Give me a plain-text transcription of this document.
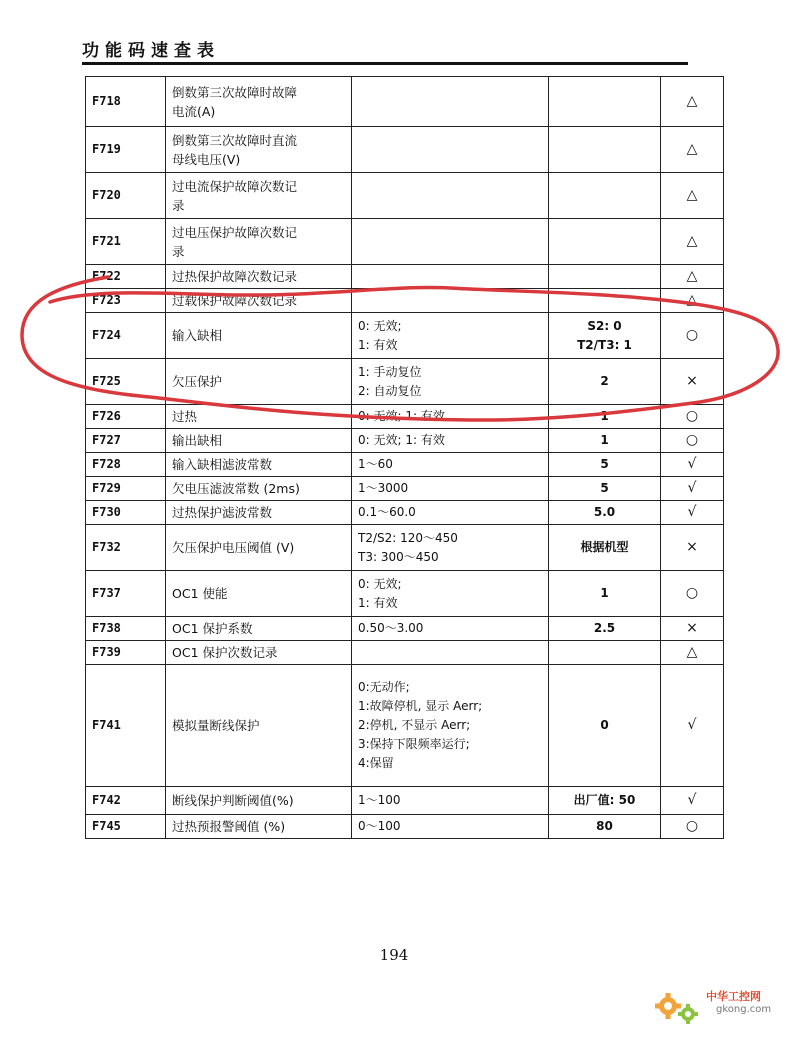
功能码速查表
F718	倒数第三次故障时故障
电流(A)			△
F719	倒数第三次故障时直流
母线电压(V)			△
F720	过电流保护故障次数记
录			△
F721	过电压保护故障次数记
录			△
F722	过热保护故障次数记录			△
F723	过载保护故障次数记录			△
F724	输入缺相	0: 无效;
1: 有效	S2: 0
T2/T3: 1	○
F725	欠压保护	1: 手动复位
2: 自动复位	2	×
F726	过热	0: 无效; 1: 有效	1	○
F727	输出缺相	0: 无效; 1: 有效	1	○
F728	输入缺相滤波常数	1～60	5	√
F729	欠电压滤波常数 (2ms)	1～3000	5	√
F730	过热保护滤波常数	0.1～60.0	5.0	√
F732	欠压保护电压阈值 (V)	T2/S2: 120～450
T3: 300～450	根据机型	×
F737	OC1 使能	0: 无效;
1: 有效	1	○
F738	OC1 保护系数	0.50～3.00	2.5	×
F739	OC1 保护次数记录			△
F741	模拟量断线保护	0:无动作;
1:故障停机, 显示 Aerr;
2:停机, 不显示 Aerr;
3:保持下限频率运行;
4:保留	0	√
F742	断线保护判断阈值(%)	1～100	出厂值: 50	√
F745	过热预报警阈值 (%)	0～100	80	○
194
中华工控网
gkong.com
